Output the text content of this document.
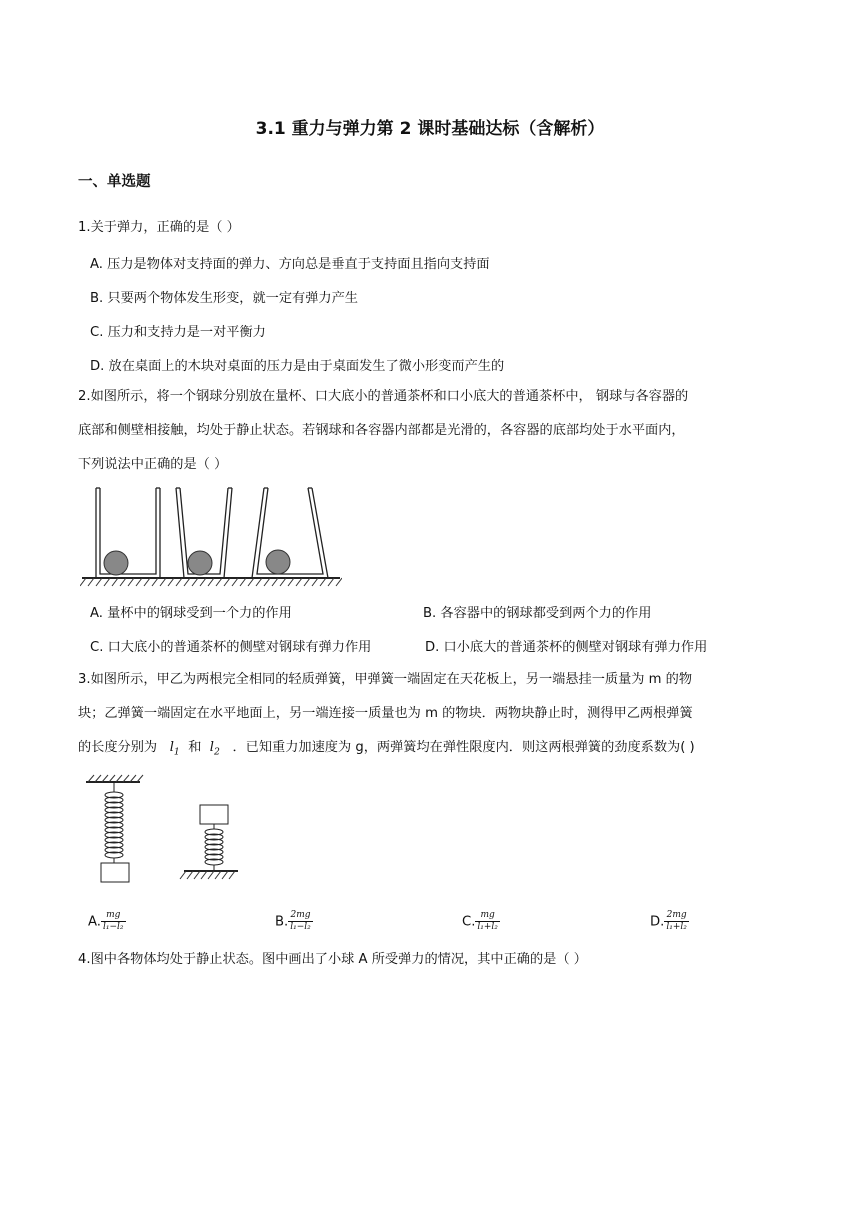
3.1 重力与弹力第 2 课时基础达标（含解析）
一、单选题
1.关于弹力，正确的是（ ）
A. 压力是物体对支持面的弹力、方向总是垂直于支持面且指向支持面
B. 只要两个物体发生形变，就一定有弹力产生
C. 压力和支持力是一对平衡力
D. 放在桌面上的木块对桌面的压力是由于桌面发生了微小形变而产生的
2.如图所示，将一个钢球分别放在量杯、口大底小的普通茶杯和口小底大的普通茶杯中， 钢球与各容器的
底部和侧壁相接触，均处于静止状态。若钢球和各容器内部都是光滑的，各容器的底部均处于水平面内，
下列说法中正确的是（ ）
A. 量杯中的钢球受到一个力的作用	B. 各容器中的钢球都受到两个力的作用
C. 口大底小的普通茶杯的侧壁对钢球有弹力作用	D. 口小底大的普通茶杯的侧壁对钢球有弹力作用
3.如图所示，甲乙为两根完全相同的轻质弹簧，甲弹簧一端固定在天花板上，另一端悬挂一质量为 m 的物
块；乙弹簧一端固定在水平地面上，另一端连接一质量也为 m 的物块．两物块静止时，测得甲乙两根弹簧
的长度分别为 $l_1$ 和 $l_2$ ．已知重力加速度为 g，两弹簧均在弹性限度内．则这两根弹簧的劲度系数为( )
A. $\frac{mg}{\text{l₁−l₂}}$	B. $\frac{2mg}{\text{l₁−l₂}}$	C. $\frac{mg}{\text{l₁+l₂}}$	D. $\frac{2mg}{\text{l₁+l₂}}$
4.图中各物体均处于静止状态。图中画出了小球 A 所受弹力的情况，其中正确的是（ ）
